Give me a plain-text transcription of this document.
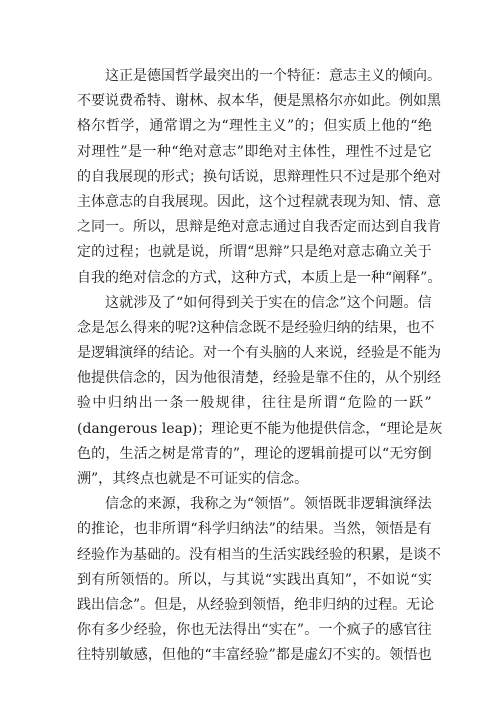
这 正 是 德 国 哲 学 最 突 出 的 一 个 特 征 ： 意 志 主 义 的 倾 向 。
不 要 说 费 希 特 、 谢 林 、 叔 本 华 ， 便 是 黑 格 尔 亦 如 此 。 例 如 黑
格 尔 哲 学 ， 通 常 谓 之 为 “ 理 性 主 义 ” 的 ； 但 实 质 上 他 的 “ 绝
对 理 性 ” 是 一 种 “ 绝 对 意 志 ” 即 绝 对 主 体 性 ， 理 性 不 过 是 它
的 自 我 展 现 的 形 式 ； 换 句 话 说 ， 思 辩 理 性 只 不 过 是 那 个 绝 对
主 体 意 志 的 自 我 展 现 。 因 此 ， 这 个 过 程 就 表 现 为 知 、 情 、 意
之 同 一 。 所 以 ， 思 辩 是 绝 对 意 志 通 过 自 我 否 定 而 达 到 自 我 肯
定 的 过 程 ； 也 就 是 说 ， 所 谓 “ 思 辩 ” 只 是 绝 对 意 志 确 立 关 于
自 我 的 绝 对 信 念 的 方 式 ， 这 种 方 式 ， 本 质 上 是 一 种 “ 阐 释 ” 。
这 就 涉 及 了 “ 如 何 得 到 关 于 实 在 的 信 念 ” 这 个 问 题 。 信
念 是 怎 么 得 来 的 呢 ? 这 种 信 念 既 不 是 经 验 归 纳 的 结 果 ， 也 不
是 逻 辑 演 绎 的 结 论 。 对 一 个 有 头 脑 的 人 来 说 ， 经 验 是 不 能 为
他 提 供 信 念 的 ， 因 为 他 很 清 楚 ， 经 验 是 靠 不 住 的 ， 从 个 别 经
验 中 归 纳 出 一 条 一 般 规 律 ， 往 往 是 所 谓 “ 危 险 的 一 跃 ”
( dangerous
leap ) ； 理 论 更 不 能 为 他 提 供 信 念 ， “ 理 论 是 灰
色 的 ， 生 活 之 树 是 常 青 的 ” ， 理 论 的 逻 辑 前 提 可 以 “ 无 穷 倒
溯”，其终点也就是不可证实的信念。
信 念 的 来 源 ， 我 称 之 为 “ 领 悟 ” 。 领 悟 既 非 逻 辑 演 绎 法
的 推 论 ， 也 非 所 谓 “ 科 学 归 纳 法 ” 的 结 果 。 当 然 ， 领 悟 是 有
经 验 作 为 基 础 的 。 没 有 相 当 的 生 活 实 践 经 验 的 积 累 ， 是 谈 不
到 有 所 领 悟 的 。 所 以 ， 与 其 说 “ 实 践 出 真 知 ” ， 不 如 说 “ 实
践 出 信 念 ” 。 但 是 ， 从 经 验 到 领 悟 ， 绝 非 归 纳 的 过 程 。 无 论
你 有 多 少 经 验 ， 你 也 无 法 得 出 “ 实 在 ” 。 一 个 疯 子 的 感 官 往
往 特 别 敏 感 ， 但 他 的 “ 丰 富 经 验 ” 都 是 虚 幻 不 实 的 。 领 悟 也
